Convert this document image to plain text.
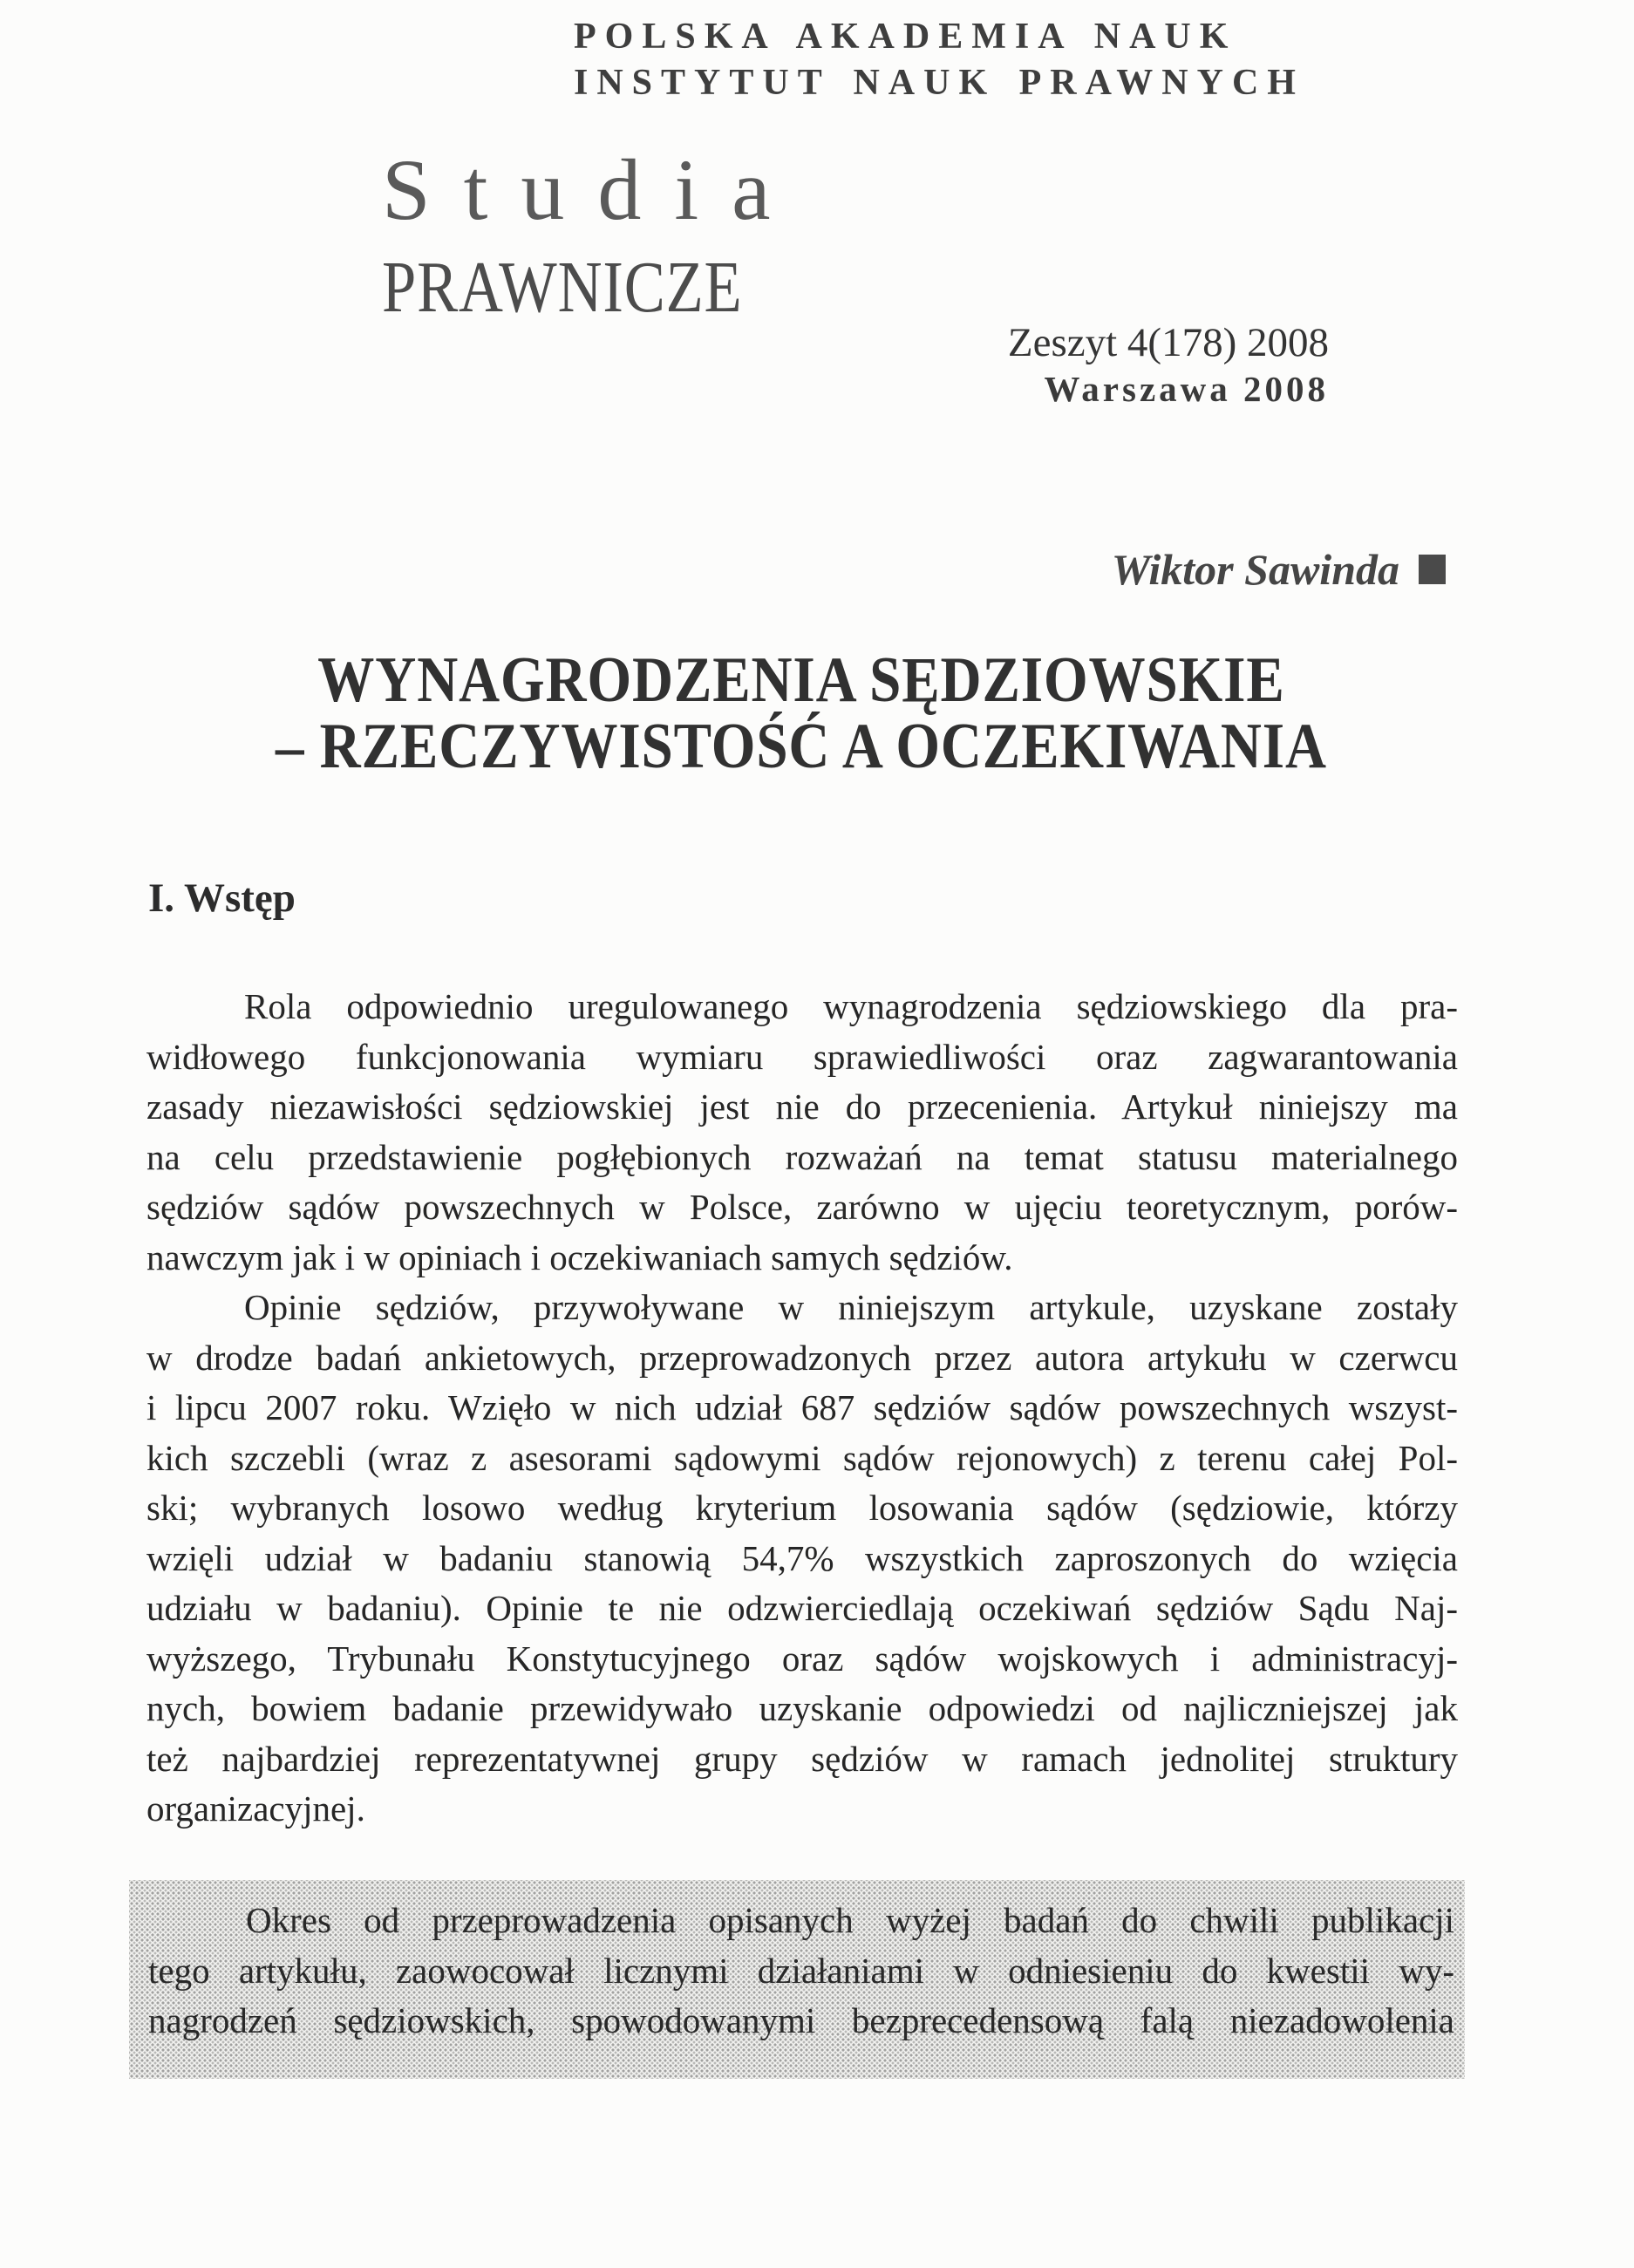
POLSKA AKADEMIA NAUK
INSTYTUT NAUK PRAWNYCH
Studia
PRAWNICZE
Zeszyt 4(178) 2008
Warszawa 2008
Wiktor Sawinda
WYNAGRODZENIA SĘDZIOWSKIE
– RZECZYWISTOŚĆ A OCZEKIWANIA
I. Wstęp
Rola odpowiednio uregulowanego wynagrodzenia sędziowskiego dla pra-
widłowego funkcjonowania wymiaru sprawiedliwości oraz zagwarantowania
zasady niezawisłości sędziowskiej jest nie do przecenienia. Artykuł niniejszy ma
na celu przedstawienie pogłębionych rozważań na temat statusu materialnego
sędziów sądów powszechnych w Polsce, zarówno w ujęciu teoretycznym, porów-
nawczym jak i w opiniach i oczekiwaniach samych sędziów.
Opinie sędziów, przywoływane w niniejszym artykule, uzyskane zostały
w drodze badań ankietowych, przeprowadzonych przez autora artykułu w czerwcu
i lipcu 2007 roku. Wzięło w nich udział 687 sędziów sądów powszechnych wszyst-
kich szczebli (wraz z asesorami sądowymi sądów rejonowych) z terenu całej Pol-
ski; wybranych losowo według kryterium losowania sądów (sędziowie, którzy
wzięli udział w badaniu stanowią 54,7% wszystkich zaproszonych do wzięcia
udziału w badaniu). Opinie te nie odzwierciedlają oczekiwań sędziów Sądu Naj-
wyższego, Trybunału Konstytucyjnego oraz sądów wojskowych i administracyj-
nych, bowiem badanie przewidywało uzyskanie odpowiedzi od najliczniejszej jak
też najbardziej reprezentatywnej grupy sędziów w ramach jednolitej struktury
organizacyjnej.
Okres od przeprowadzenia opisanych wyżej badań do chwili publikacji
tego artykułu, zaowocował licznymi działaniami w odniesieniu do kwestii wy-
nagrodzeń sędziowskich, spowodowanymi bezprecedensową falą niezadowolenia
